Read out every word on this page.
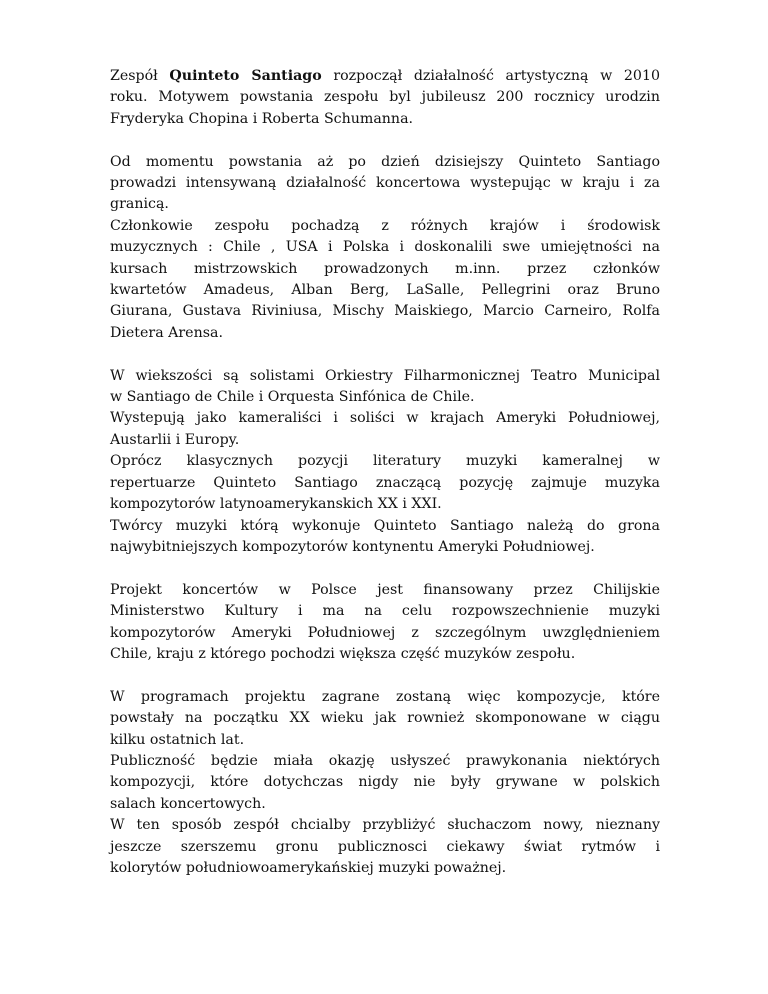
Zespół Quinteto Santiago rozpoczął działalność artystyczną w 2010
roku. Motywem powstania zespołu byl jubileusz 200 rocznicy urodzin
Fryderyka Chopina i Roberta Schumanna.

Od momentu powstania aż po dzień dzisiejszy Quinteto Santiago
prowadzi intensywaną działalność koncertowa wystepując w kraju i za
granicą.
Członkowie zespołu pochadzą z różnych krajów i środowisk
muzycznych : Chile , USA i Polska i doskonalili swe umiejętności na
kursach mistrzowskich prowadzonych m.inn. przez członków
kwartetów Amadeus, Alban Berg, LaSalle, Pellegrini oraz Bruno
Giurana, Gustava Riviniusa, Mischy Maiskiego, Marcio Carneiro, Rolfa
Dietera Arensa.

W wiekszości są solistami Orkiestry Filharmonicznej Teatro Municipal
w Santiago de Chile i Orquesta Sinfónica de Chile.
Wystepują jako kameraliści i soliści w krajach Ameryki Południowej,
Austarlii i Europy.
Oprócz klasycznych pozycji literatury muzyki kameralnej w
repertuarze Quinteto Santiago znaczącą pozycję zajmuje muzyka
kompozytorów latynoamerykanskich XX i XXI.
Twórcy muzyki którą wykonuje Quinteto Santiago należą do grona
najwybitniejszych kompozytorów kontynentu Ameryki Południowej.

Projekt koncertów w Polsce jest finansowany przez Chilijskie
Ministerstwo Kultury i ma na celu rozpowszechnienie muzyki
kompozytorów Ameryki Południowej z szczególnym uwzględnieniem
Chile, kraju z którego pochodzi większa część muzyków zespołu.

W programach projektu zagrane zostaną więc kompozycje, które
powstały na początku XX wieku jak rownież skomponowane w ciągu
kilku ostatnich lat.
Publiczność będzie miała okazję usłyszeć prawykonania niektórych
kompozycji, które dotychczas nigdy nie były grywane w polskich
salach koncertowych.
W ten sposób zespół chcialby przybliżyć słuchaczom nowy, nieznany
jeszcze szerszemu gronu publicznosci ciekawy świat rytmów i
kolorytów południowoamerykańskiej muzyki poważnej.
